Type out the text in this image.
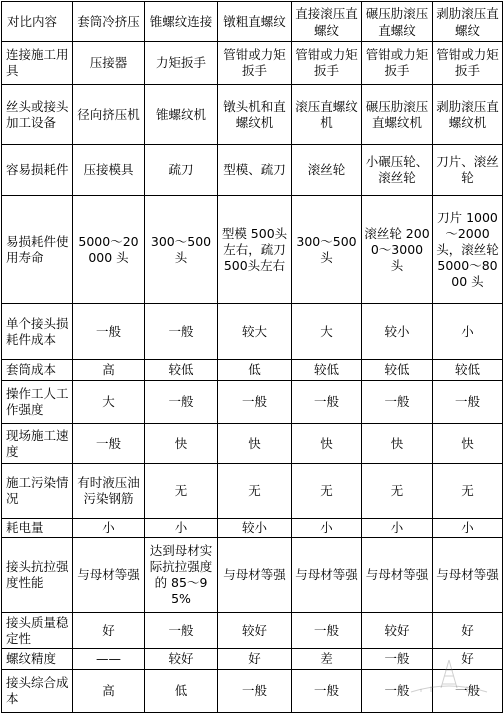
对比内容	套筒冷挤压	锥螺纹连接	镦粗直螺纹	直接滚压直螺纹	碾压肋滚压直螺纹	剥肋滚压直螺纹
连接施工用具	压接器	力矩扳手	管钳或力矩扳手	管钳或力矩扳手	管钳或力矩扳手	管钳或力矩扳手
丝头或接头加工设备	径向挤压机	锥螺纹机	镦头机和直螺纹机	滚压直螺纹机	碾压肋滚压直螺纹机	剥肋滚压直螺纹机
容易损耗件	压接模具	疏刀	型模、疏刀	滚丝轮	小碾压轮、滚丝轮	刀片、滚丝轮
易损耗件使用寿命	5000～20000 头	300～500头	型模 500头左右，疏刀 500头左右	300～500头	滚丝轮 2000～3000 头	刀片 1000～2000 头，滚丝轮 5000～8000 头
单个接头损耗件成本	一般	一般	较大	大	较小	小
套筒成本	高	较低	低	较低	较低	较低
操作工人工作强度	大	一般	一般	一般	一般	一般
现场施工速度	一般	快	快	快	快	快
施工污染情况	有时液压油污染钢筋	无	无	无	无	无
耗电量	小	小	较小	小	小	小
接头抗拉强度性能	与母材等强	达到母材实际抗拉强度的 85～95%	与母材等强	与母材等强	与母材等强	与母材等强
接头质量稳定性	好	一般	较好	一般	较好	好
螺纹精度	——	较好	好	差	一般	好
接头综合成本	高	低	一般	一般	一般	一般
